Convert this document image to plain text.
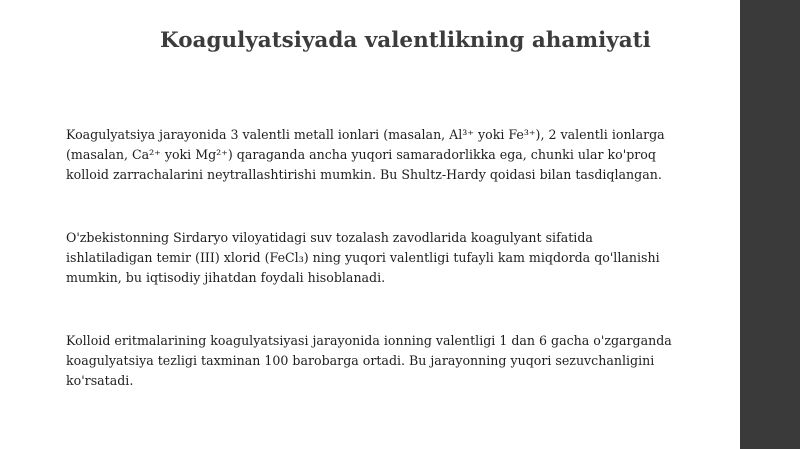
Koagulyatsiyada valentlikning ahamiyati

Koagulyatsiya jarayonida 3 valentli metall ionlari (masalan, Al³⁺ yoki Fe³⁺), 2 valentli ionlarga
(masalan, Ca²⁺ yoki Mg²⁺) qaraganda ancha yuqori samaradorlikka ega, chunki ular ko'proq
kolloid zarrachalarini neytrallashtirishi mumkin. Bu Shultz-Hardy qoidasi bilan tasdiqlangan.

O'zbekistonning Sirdaryo viloyatidagi suv tozalash zavodlarida koagulyant sifatida
ishlatiladigan temir (III) xlorid (FeCl₃) ning yuqori valentligi tufayli kam miqdorda qo'llanishi
mumkin, bu iqtisodiy jihatdan foydali hisoblanadi.

Kolloid eritmalarining koagulyatsiyasi jarayonida ionning valentligi 1 dan 6 gacha o'zgarganda
koagulyatsiya tezligi taxminan 100 barobarga ortadi. Bu jarayonning yuqori sezuvchanligini
ko'rsatadi.
